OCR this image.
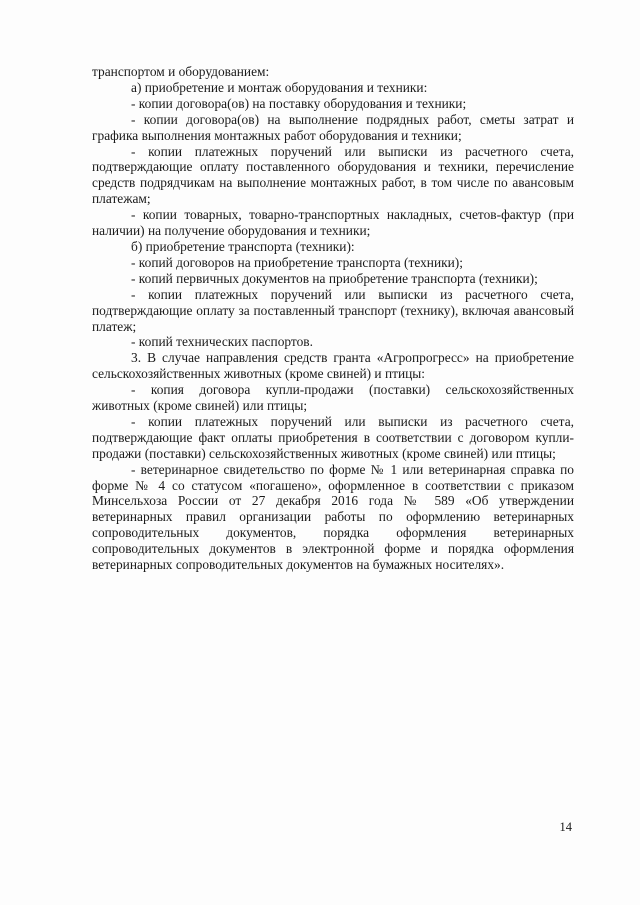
транспортом и оборудованием:

а) приобретение и монтаж оборудования и техники:

- копии договора(ов) на поставку оборудования и техники;

- копии договора(ов) на выполнение подрядных работ, сметы затрат и графика выполнения монтажных работ оборудования и техники;

- копии платежных поручений или выписки из расчетного счета, подтверждающие оплату поставленного оборудования и техники, перечисление средств подрядчикам на выполнение монтажных работ, в том числе по авансовым платежам;

- копии товарных, товарно-транспортных накладных, счетов-фактур (при наличии) на получение оборудования и техники;

б) приобретение транспорта (техники):

- копий договоров на приобретение транспорта (техники);

- копий первичных документов на приобретение транспорта (техники);

- копии платежных поручений или выписки из расчетного счета, подтверждающие оплату за поставленный транспорт (технику), включая авансовый платеж;

- копий технических паспортов.

3. В случае направления средств гранта «Агропрогресс» на приобретение сельскохозяйственных животных (кроме свиней) и птицы:

- копия договора купли-продажи (поставки) сельскохозяйственных животных (кроме свиней) или птицы;

- копии платежных поручений или выписки из расчетного счета, подтверждающие факт оплаты приобретения в соответствии с договором купли-продажи (поставки) сельскохозяйственных животных (кроме свиней) или птицы;

- ветеринарное свидетельство по форме № 1 или ветеринарная справка по форме № 4 со статусом «погашено», оформленное в соответствии с приказом Минсельхоза России от 27 декабря 2016 года № 589 «Об утверждении ветеринарных правил организации работы по оформлению ветеринарных сопроводительных документов, порядка оформления ветеринарных сопроводительных документов в электронной форме и порядка оформления ветеринарных сопроводительных документов на бумажных носителях».

14
